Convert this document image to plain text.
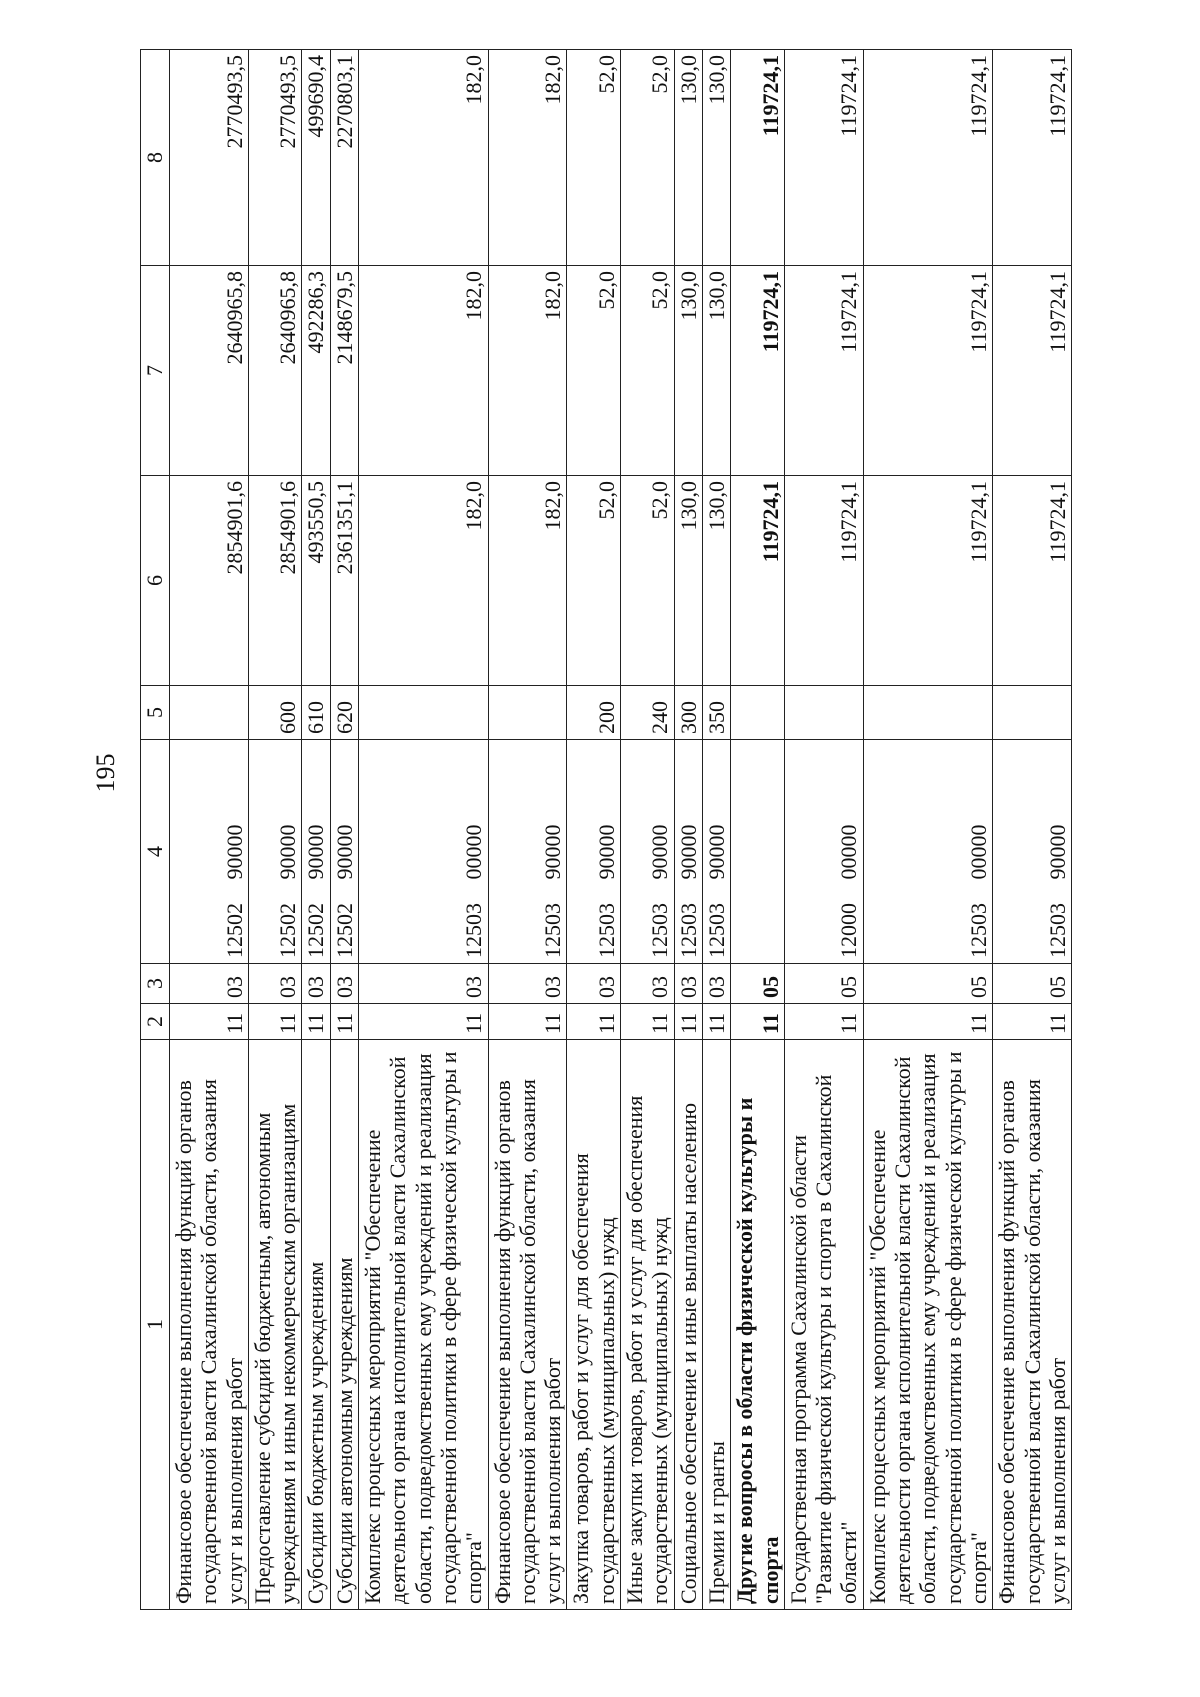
195
1	2	3	4	5	6	7	8
Финансовое обеспечение выполнения функций органов государственной власти Сахалинской области, оказания услуг и выполнения работ	11	03	12502 90000		2854901,6	2640965,8	2770493,5
Предоставление субсидий бюджетным, автономным учреждениям и иным некоммерческим организациям	11	03	12502 90000	600	2854901,6	2640965,8	2770493,5
Субсидии бюджетным учреждениям	11	03	12502 90000	610	493550,5	492286,3	499690,4
Субсидии автономным учреждениям	11	03	12502 90000	620	2361351,1	2148679,5	2270803,1
Комплекс процессных мероприятий "Обеспечение деятельности органа исполнительной власти Сахалинской области, подведомственных ему учреждений и реализация государственной политики в сфере физической культуры и спорта"	11	03	12503 00000		182,0	182,0	182,0
Финансовое обеспечение выполнения функций органов государственной власти Сахалинской области, оказания услуг и выполнения работ	11	03	12503 90000		182,0	182,0	182,0
Закупка товаров, работ и услуг для обеспечения государственных (муниципальных) нужд	11	03	12503 90000	200	52,0	52,0	52,0
Иные закупки товаров, работ и услуг для обеспечения государственных (муниципальных) нужд	11	03	12503 90000	240	52,0	52,0	52,0
Социальное обеспечение и иные выплаты населению	11	03	12503 90000	300	130,0	130,0	130,0
Премии и гранты	11	03	12503 90000	350	130,0	130,0	130,0
Другие вопросы в области физической культуры и спорта	11	05			119724,1	119724,1	119724,1
Государственная программа Сахалинской области "Развитие физической культуры и спорта в Сахалинской области"	11	05	12000 00000		119724,1	119724,1	119724,1
Комплекс процессных мероприятий "Обеспечение деятельности органа исполнительной власти Сахалинской области, подведомственных ему учреждений и реализация государственной политики в сфере физической культуры и спорта"	11	05	12503 00000		119724,1	119724,1	119724,1
Финансовое обеспечение выполнения функций органов государственной власти Сахалинской области, оказания услуг и выполнения работ	11	05	12503 90000		119724,1	119724,1	119724,1
